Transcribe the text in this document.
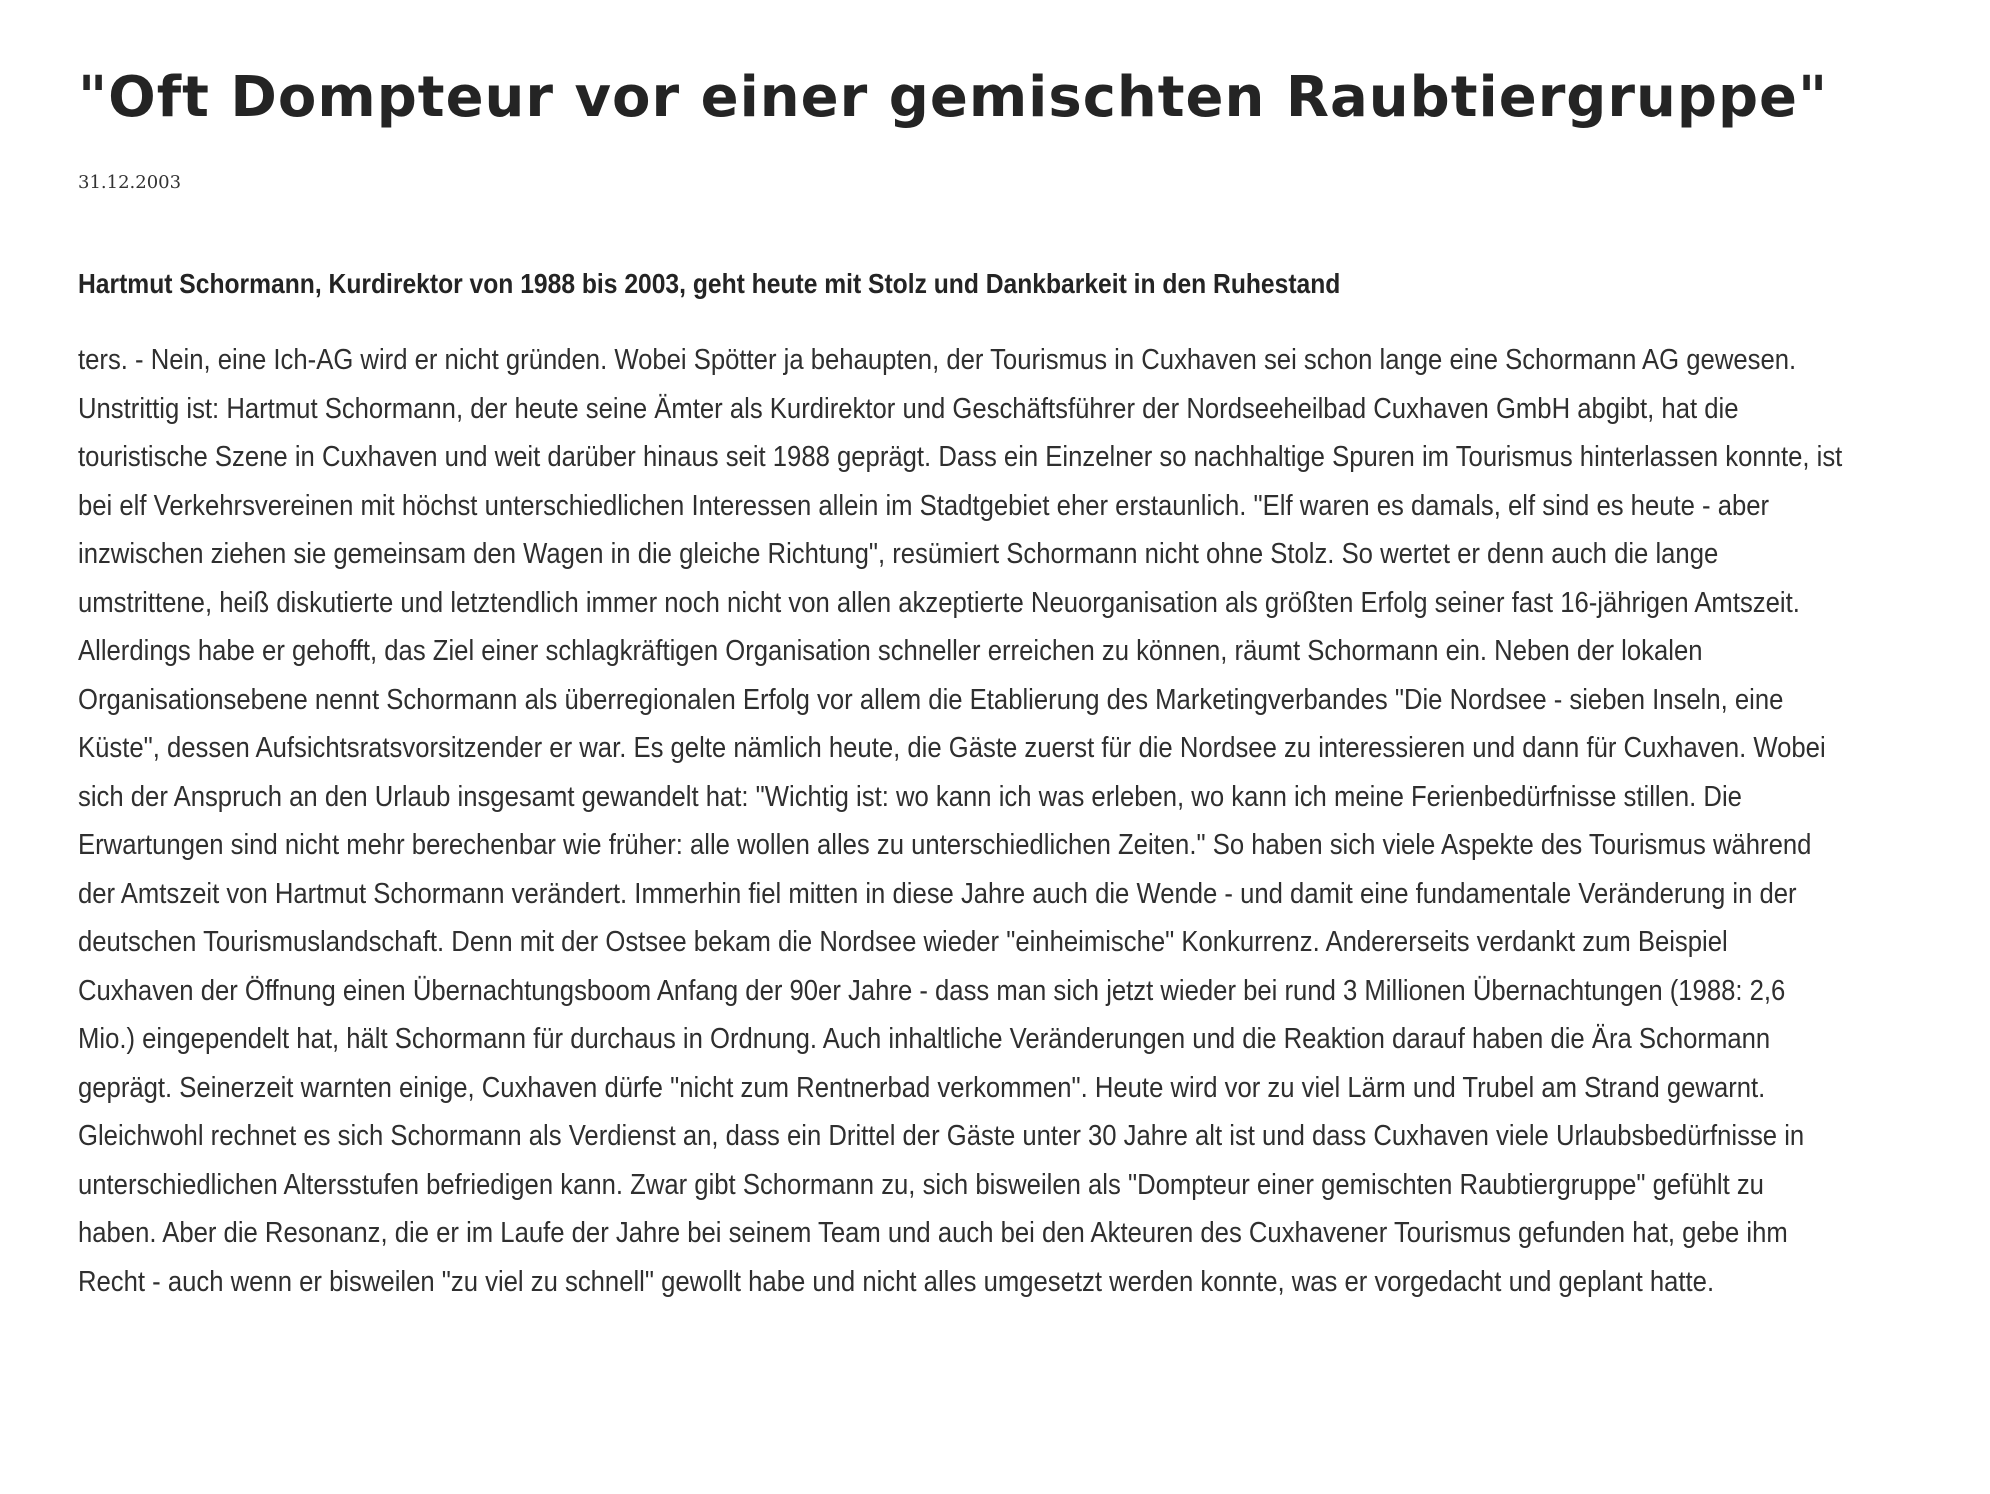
"Oft Dompteur vor einer gemischten Raubtiergruppe"
31.12.2003
Hartmut Schormann, Kurdirektor von 1988 bis 2003, geht heute mit Stolz und Dankbarkeit in den Ruhestand

ters. - Nein, eine Ich-AG wird er nicht gründen. Wobei Spötter ja behaupten, der Tourismus in Cuxhaven sei schon lange eine Schormann AG gewesen. Unstrittig ist: Hartmut Schormann, der heute seine Ämter als Kurdirektor und Geschäftsführer der Nordseeheilbad Cuxhaven GmbH abgibt, hat die touristische Szene in Cuxhaven und weit darüber hinaus seit 1988 geprägt. Dass ein Einzelner so nachhaltige Spuren im Tourismus hinterlassen konnte, ist bei elf Verkehrsvereinen mit höchst unterschiedlichen Interessen allein im Stadtgebiet eher erstaunlich. "Elf waren es damals, elf sind es heute - aber inzwischen ziehen sie gemeinsam den Wagen in die gleiche Richtung", resümiert Schormann nicht ohne Stolz. So wertet er denn auch die lange umstrittene, heiß diskutierte und letztendlich immer noch nicht von allen akzeptierte Neuorganisation als größten Erfolg seiner fast 16-jährigen Amtszeit. Allerdings habe er gehofft, das Ziel einer schlagkräftigen Organisation schneller erreichen zu können, räumt Schormann ein. Neben der lokalen Organisationsebene nennt Schormann als überregionalen Erfolg vor allem die Etablierung des Marketingverbandes "Die Nordsee - sieben Inseln, eine Küste", dessen Aufsichtsratsvorsitzender er war. Es gelte nämlich heute, die Gäste zuerst für die Nordsee zu interessieren und dann für Cuxhaven. Wobei sich der Anspruch an den Urlaub insgesamt gewandelt hat: "Wichtig ist: wo kann ich was erleben, wo kann ich meine Ferienbedürfnisse stillen. Die Erwartungen sind nicht mehr berechenbar wie früher: alle wollen alles zu unterschiedlichen Zeiten." So haben sich viele Aspekte des Tourismus während der Amtszeit von Hartmut Schormann verändert. Immerhin fiel mitten in diese Jahre auch die Wende - und damit eine fundamentale Veränderung in der deutschen Tourismuslandschaft. Denn mit der Ostsee bekam die Nordsee wieder "einheimische" Konkurrenz. Andererseits verdankt zum Beispiel Cuxhaven der Öffnung einen Übernachtungsboom Anfang der 90er Jahre - dass man sich jetzt wieder bei rund 3 Millionen Übernachtungen (1988: 2,6 Mio.) eingependelt hat, hält Schormann für durchaus in Ordnung. Auch inhaltliche Veränderungen und die Reaktion darauf haben die Ära Schormann geprägt. Seinerzeit warnten einige, Cuxhaven dürfe "nicht zum Rentnerbad verkommen". Heute wird vor zu viel Lärm und Trubel am Strand gewarnt. Gleichwohl rechnet es sich Schormann als Verdienst an, dass ein Drittel der Gäste unter 30 Jahre alt ist und dass Cuxhaven viele Urlaubsbedürfnisse in unterschiedlichen Altersstufen befriedigen kann. Zwar gibt Schormann zu, sich bisweilen als "Dompteur einer gemischten Raubtiergruppe" gefühlt zu haben. Aber die Resonanz, die er im Laufe der Jahre bei seinem Team und auch bei den Akteuren des Cuxhavener Tourismus gefunden hat, gebe ihm Recht - auch wenn er bisweilen "zu viel zu schnell" gewollt habe und nicht alles umgesetzt werden konnte, was er vorgedacht und geplant hatte.
